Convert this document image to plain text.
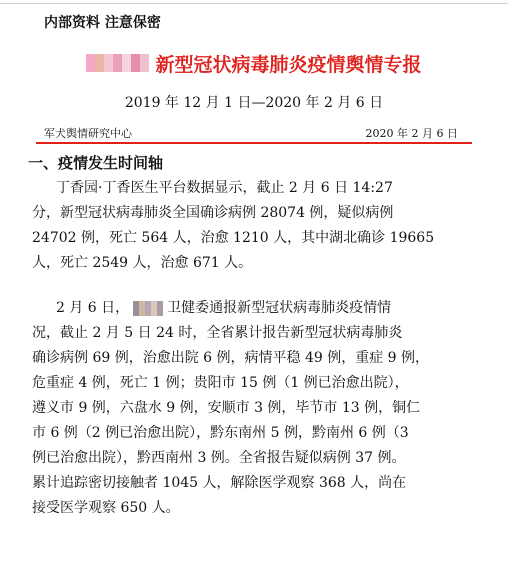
内部资料 注意保密
新型冠状病毒肺炎疫情舆情专报
2019 年 12 月 1 日—2020 年 2 月 6 日
军犬舆情研究中心	2020 年 2 月 6 日
一、疫情发生时间轴
丁香园·丁香医生平台数据显示，截止 2 月 6 日 14:27
分，新型冠状病毒肺炎全国确诊病例 28074 例，疑似病例
24702 例，死亡 564 人，治愈 1210 人，其中湖北确诊 19665
人，死亡 2549 人，治愈 671 人。
2 月 6 日，	卫健委通报新型冠状病毒肺炎疫情情
况，截止 2 月 5 日 24 时，全省累计报告新型冠状病毒肺炎
确诊病例 69 例，治愈出院 6 例，病情平稳 49 例，重症 9 例，
危重症 4 例，死亡 1 例；贵阳市 15 例（1 例已治愈出院），
遵义市 9 例，六盘水 9 例，安顺市 3 例，毕节市 13 例，铜仁
市 6 例（2 例已治愈出院），黔东南州 5 例，黔南州 6 例（3
例已治愈出院），黔西南州 3 例。全省报告疑似病例 37 例。
累计追踪密切接触者 1045 人，解除医学观察 368 人，尚在
接受医学观察 650 人。
